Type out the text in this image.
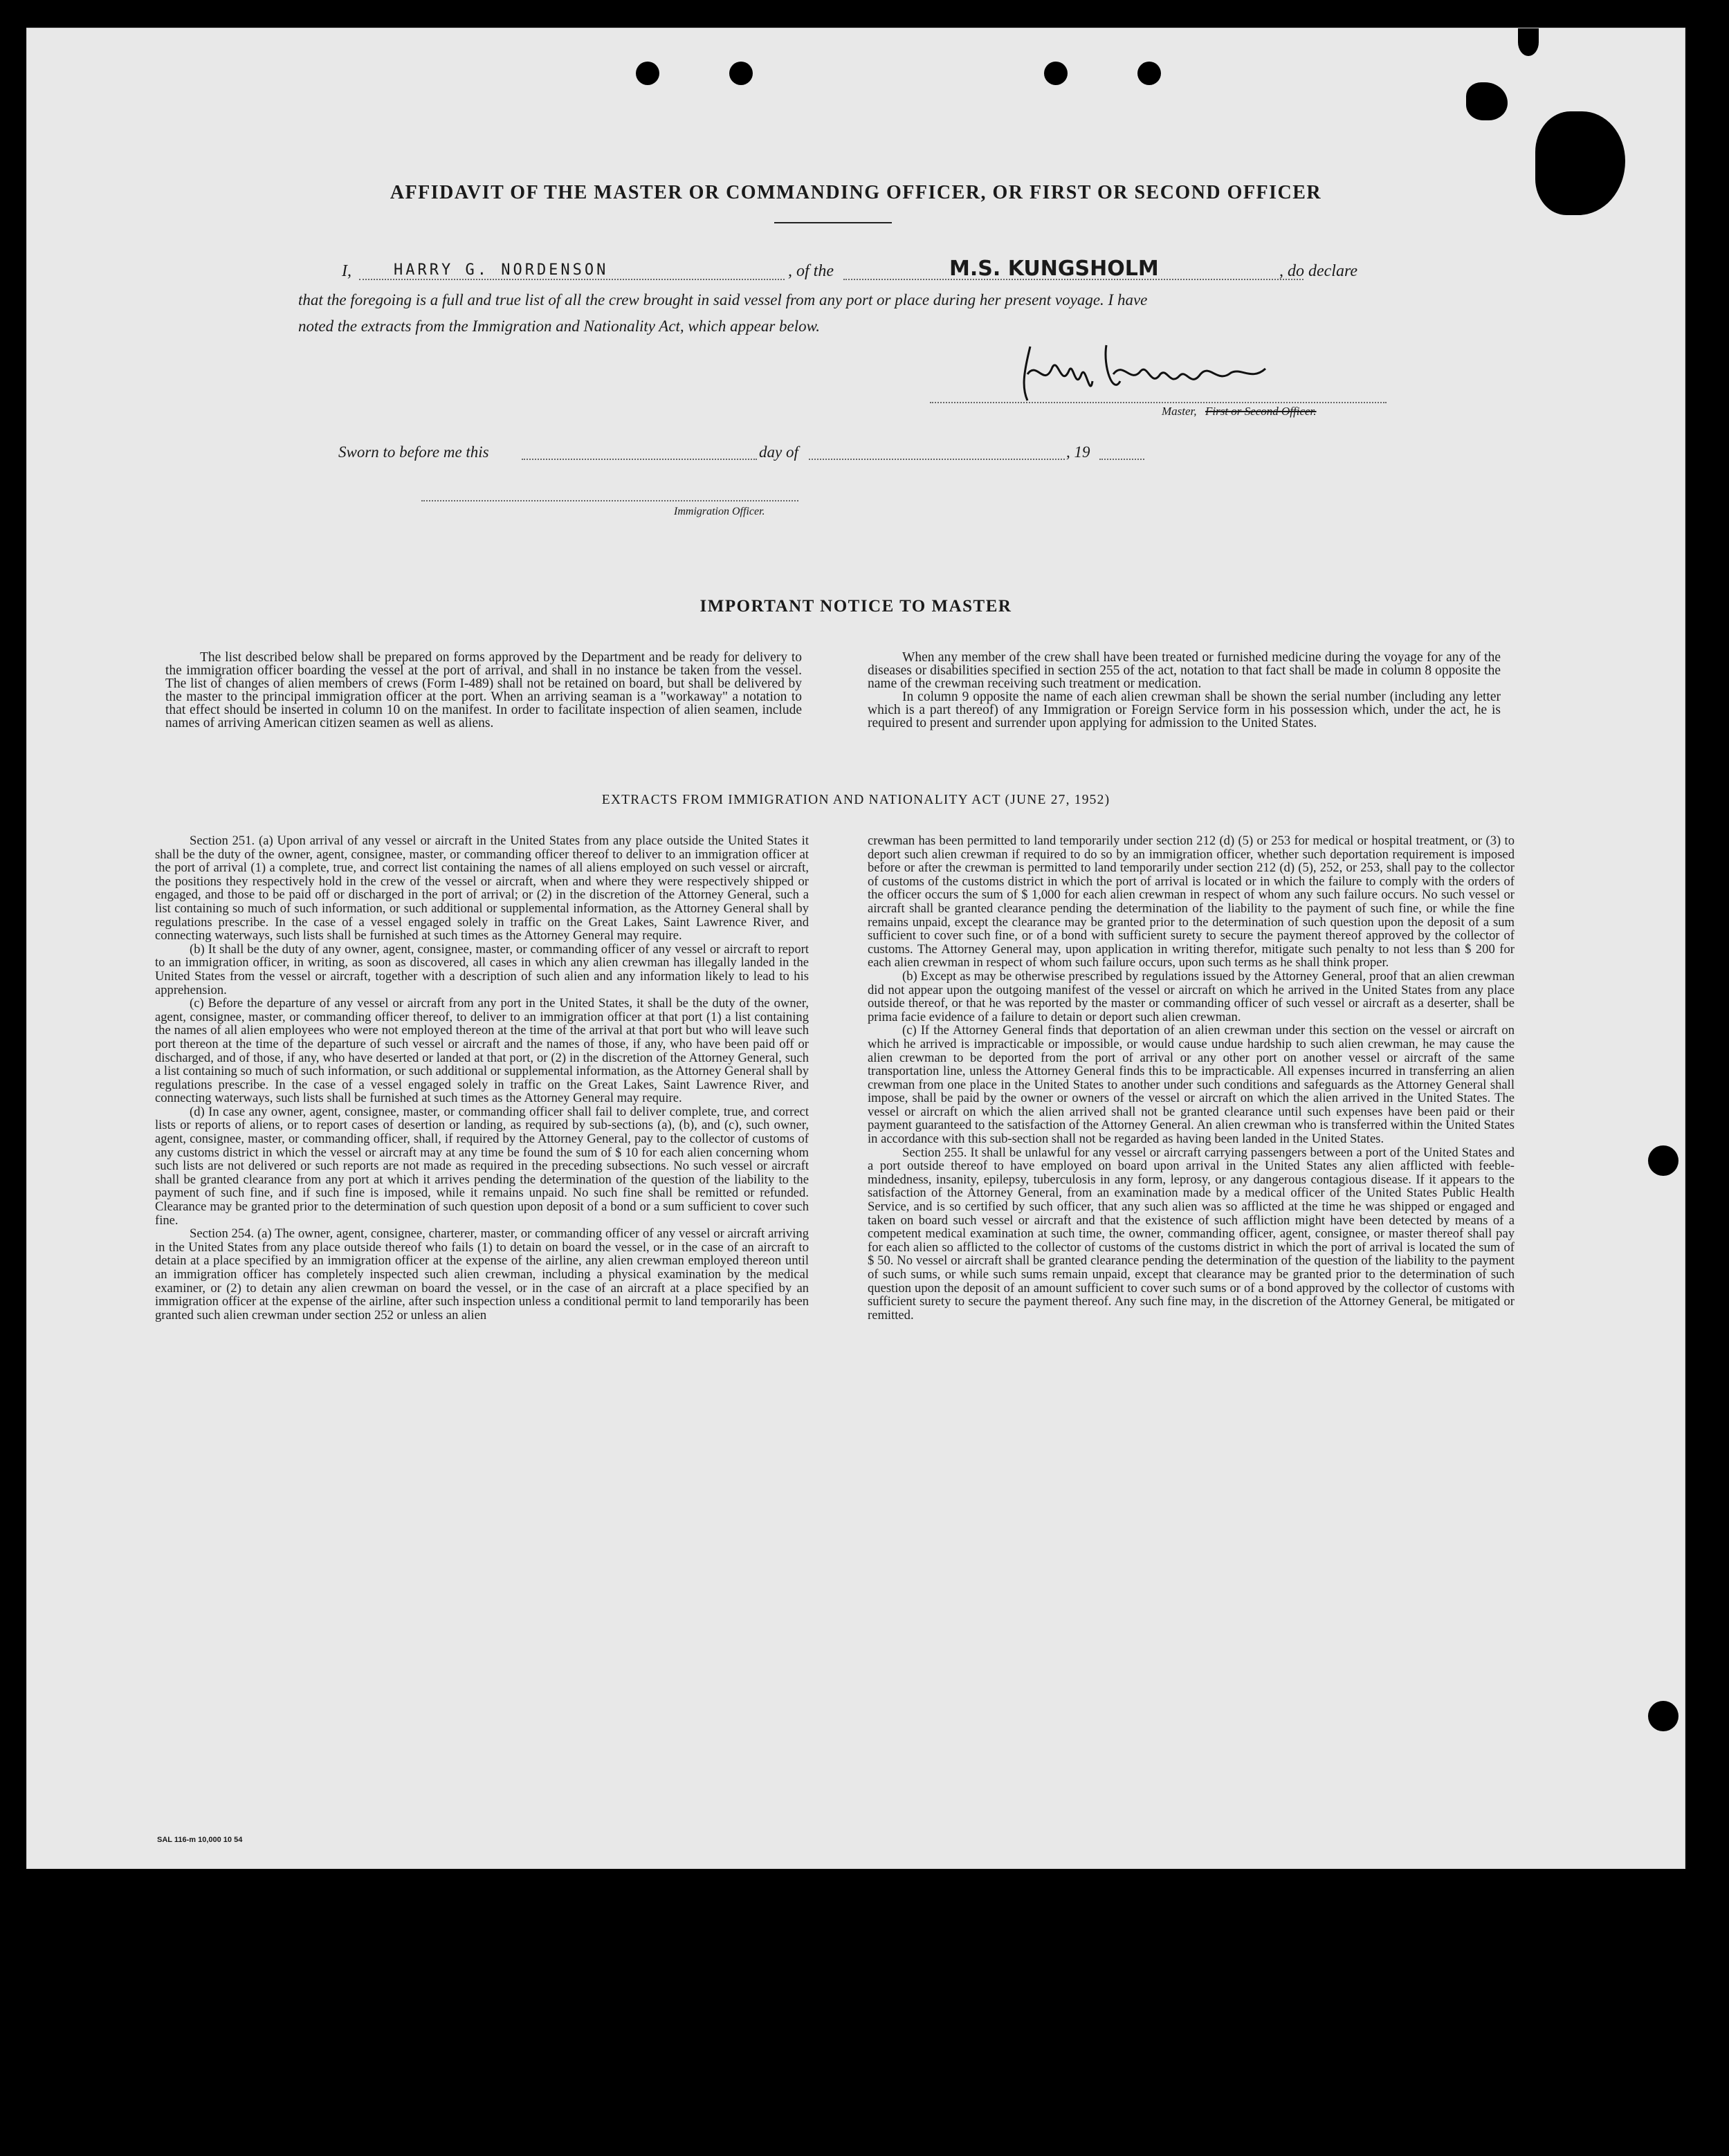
AFFIDAVIT OF THE MASTER OR COMMANDING OFFICER, OR FIRST OR SECOND OFFICER
I,	HARRY G. NORDENSON	, of the	M.S. KUNGSHOLM	, do declare
that the foregoing is a full and true list of all the crew brought in said vessel from any port or place during her present voyage. I have
noted the extracts from the Immigration and Nationality Act, which appear below.
Master, First or Second Officer.
Sworn to before me this	day of	, 19
Immigration Officer.
IMPORTANT NOTICE TO MASTER

The list described below shall be prepared on forms approved by the Department and be ready for delivery to the immigration officer boarding the vessel at the port of arrival, and shall in no instance be taken from the vessel. The list of changes of alien members of crews (Form I-489) shall not be retained on board, but shall be delivered by the master to the principal immigration officer at the port. When an arriving seaman is a "workaway" a notation to that effect should be inserted in column 10 on the manifest. In order to facilitate inspection of alien seamen, include names of arriving American citizen seamen as well as aliens.

When any member of the crew shall have been treated or furnished medicine during the voyage for any of the diseases or disabilities specified in section 255 of the act, notation to that fact shall be made in column 8 opposite the name of the crewman receiving such treatment or medication.

In column 9 opposite the name of each alien crewman shall be shown the serial number (including any letter which is a part thereof) of any Immigration or Foreign Service form in his possession which, under the act, he is required to present and surrender upon applying for admission to the United States.

EXTRACTS FROM IMMIGRATION AND NATIONALITY ACT (JUNE 27, 1952)

Section 251. (a) Upon arrival of any vessel or aircraft in the United States from any place outside the United States it shall be the duty of the owner, agent, consignee, master, or commanding officer thereof to deliver to an immigration officer at the port of arrival (1) a complete, true, and correct list containing the names of all aliens employed on such vessel or aircraft, the positions they respectively hold in the crew of the vessel or aircraft, when and where they were respectively shipped or engaged, and those to be paid off or discharged in the port of arrival; or (2) in the discretion of the Attorney General, such a list containing so much of such information, or such additional or supplemental information, as the Attorney General shall by regulations prescribe. In the case of a vessel engaged solely in traffic on the Great Lakes, Saint Lawrence River, and connecting waterways, such lists shall be furnished at such times as the Attorney General may require.

(b) It shall be the duty of any owner, agent, consignee, master, or commanding officer of any vessel or aircraft to report to an immigration officer, in writing, as soon as discovered, all cases in which any alien crewman has illegally landed in the United States from the vessel or aircraft, together with a description of such alien and any information likely to lead to his apprehension.

(c) Before the departure of any vessel or aircraft from any port in the United States, it shall be the duty of the owner, agent, consignee, master, or commanding officer thereof, to deliver to an immigration officer at that port (1) a list containing the names of all alien employees who were not employed thereon at the time of the arrival at that port but who will leave such port thereon at the time of the departure of such vessel or aircraft and the names of those, if any, who have been paid off or discharged, and of those, if any, who have deserted or landed at that port, or (2) in the discretion of the Attorney General, such a list containing so much of such information, or such additional or supplemental information, as the Attorney General shall by regulations prescribe. In the case of a vessel engaged solely in traffic on the Great Lakes, Saint Lawrence River, and connecting waterways, such lists shall be furnished at such times as the Attorney General may require.

(d) In case any owner, agent, consignee, master, or commanding officer shall fail to deliver complete, true, and correct lists or reports of aliens, or to report cases of desertion or landing, as required by sub-sections (a), (b), and (c), such owner, agent, consignee, master, or commanding officer, shall, if required by the Attorney General, pay to the collector of customs of any customs district in which the vessel or aircraft may at any time be found the sum of $ 10 for each alien concerning whom such lists are not delivered or such reports are not made as required in the preceding subsections. No such vessel or aircraft shall be granted clearance from any port at which it arrives pending the determination of the question of the liability to the payment of such fine, and if such fine is imposed, while it remains unpaid. No such fine shall be remitted or refunded. Clearance may be granted prior to the determination of such question upon deposit of a bond or a sum sufficient to cover such fine.

Section 254. (a) The owner, agent, consignee, charterer, master, or commanding officer of any vessel or aircraft arriving in the United States from any place outside thereof who fails (1) to detain on board the vessel, or in the case of an aircraft to detain at a place specified by an immigration officer at the expense of the airline, any alien crewman employed thereon until an immigration officer has completely inspected such alien crewman, including a physical examination by the medical examiner, or (2) to detain any alien crewman on board the vessel, or in the case of an aircraft at a place specified by an immigration officer at the expense of the airline, after such inspection unless a conditional permit to land temporarily has been granted such alien crewman under section 252 or unless an alien

crewman has been permitted to land temporarily under section 212 (d) (5) or 253 for medical or hospital treatment, or (3) to deport such alien crewman if required to do so by an immigration officer, whether such deportation requirement is imposed before or after the crewman is permitted to land temporarily under section 212 (d) (5), 252, or 253, shall pay to the collector of customs of the customs district in which the port of arrival is located or in which the failure to comply with the orders of the officer occurs the sum of $ 1,000 for each alien crewman in respect of whom any such failure occurs. No such vessel or aircraft shall be granted clearance pending the determination of the liability to the payment of such fine, or while the fine remains unpaid, except the clearance may be granted prior to the determination of such question upon the deposit of a sum sufficient to cover such fine, or of a bond with sufficient surety to secure the payment thereof approved by the collector of customs. The Attorney General may, upon application in writing therefor, mitigate such penalty to not less than $ 200 for each alien crewman in respect of whom such failure occurs, upon such terms as he shall think proper.

(b) Except as may be otherwise prescribed by regulations issued by the Attorney General, proof that an alien crewman did not appear upon the outgoing manifest of the vessel or aircraft on which he arrived in the United States from any place outside thereof, or that he was reported by the master or commanding officer of such vessel or aircraft as a deserter, shall be prima facie evidence of a failure to detain or deport such alien crewman.

(c) If the Attorney General finds that deportation of an alien crewman under this section on the vessel or aircraft on which he arrived is impracticable or impossible, or would cause undue hardship to such alien crewman, he may cause the alien crewman to be deported from the port of arrival or any other port on another vessel or aircraft of the same transportation line, unless the Attorney General finds this to be impracticable. All expenses incurred in transferring an alien crewman from one place in the United States to another under such conditions and safeguards as the Attorney General shall impose, shall be paid by the owner or owners of the vessel or aircraft on which the alien arrived in the United States. The vessel or aircraft on which the alien arrived shall not be granted clearance until such expenses have been paid or their payment guaranteed to the satisfaction of the Attorney General. An alien crewman who is transferred within the United States in accordance with this sub-section shall not be regarded as having been landed in the United States.

Section 255. It shall be unlawful for any vessel or aircraft carrying passengers between a port of the United States and a port outside thereof to have employed on board upon arrival in the United States any alien afflicted with feeble-mindedness, insanity, epilepsy, tuberculosis in any form, leprosy, or any dangerous contagious disease. If it appears to the satisfaction of the Attorney General, from an examination made by a medical officer of the United States Public Health Service, and is so certified by such officer, that any such alien was so afflicted at the time he was shipped or engaged and taken on board such vessel or aircraft and that the existence of such affliction might have been detected by means of a competent medical examination at such time, the owner, commanding officer, agent, consignee, or master thereof shall pay for each alien so afflicted to the collector of customs of the customs district in which the port of arrival is located the sum of $ 50. No vessel or aircraft shall be granted clearance pending the determination of the question of the liability to the payment of such sums, or while such sums remain unpaid, except that clearance may be granted prior to the determination of such question upon the deposit of an amount sufficient to cover such sums or of a bond approved by the collector of customs with sufficient surety to secure the payment thereof. Any such fine may, in the discretion of the Attorney General, be mitigated or remitted.

SAL 116-m 10,000 10 54
